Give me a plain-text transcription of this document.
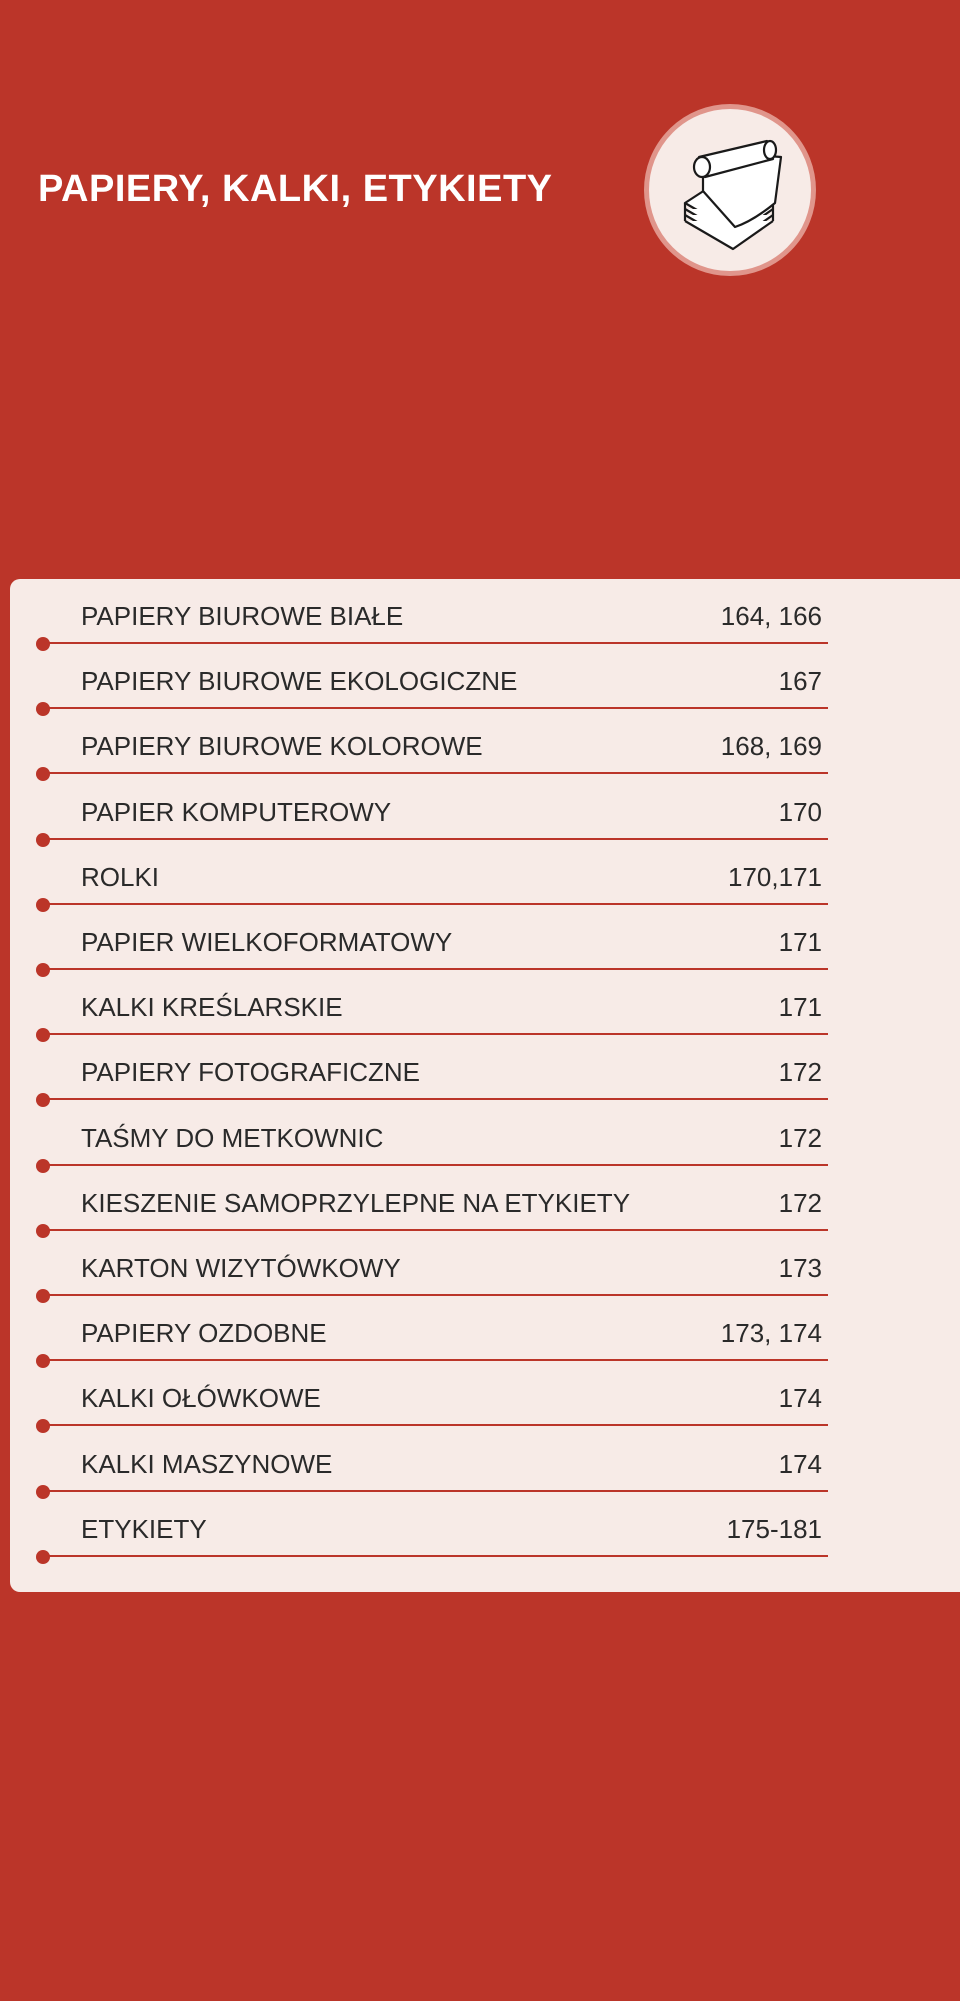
PAPIERY, KALKI, ETYKIETY
PAPIERY BIUROWE BIAŁE	164, 166
PAPIERY BIUROWE EKOLOGICZNE	167
PAPIERY BIUROWE KOLOROWE	168, 169
PAPIER KOMPUTEROWY	170
ROLKI	170,171
PAPIER WIELKOFORMATOWY	171
KALKI KREŚLARSKIE	171
PAPIERY FOTOGRAFICZNE	172
TAŚMY DO METKOWNIC	172
KIESZENIE SAMOPRZYLEPNE NA ETYKIETY	172
KARTON WIZYTÓWKOWY	173
PAPIERY OZDOBNE	173, 174
KALKI OŁÓWKOWE	174
KALKI MASZYNOWE	174
ETYKIETY	175-181
